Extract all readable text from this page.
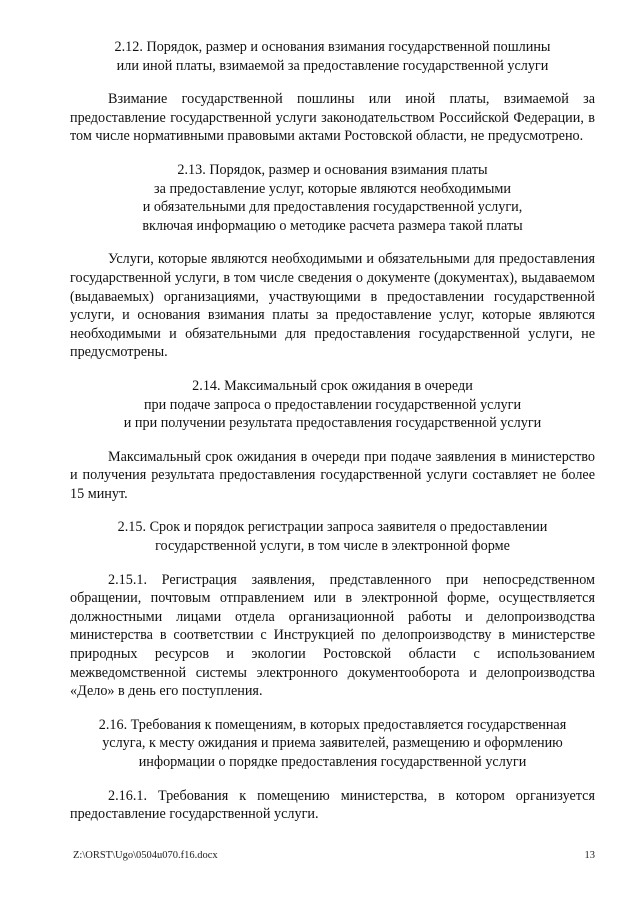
2.12. Порядок, размер и основания взимания государственной пошлины
или иной платы, взимаемой за предоставление государственной услуги

Взимание государственной пошлины или иной платы, взимаемой за предоставление государственной услуги законодательством Российской Федерации, в том числе нормативными правовыми актами Ростовской области, не предусмотрено.

2.13. Порядок, размер и основания взимания платы
за предоставление услуг, которые являются необходимыми
и обязательными для предоставления государственной услуги,
включая информацию о методике расчета размера такой платы

Услуги, которые являются необходимыми и обязательными для предоставления государственной услуги, в том числе сведения о документе (документах), выдаваемом (выдаваемых) организациями, участвующими в предоставлении государственной услуги, и основания взимания платы за предоставление услуг, которые являются необходимыми и обязательными для предоставления государственной услуги, не предусмотрены.

2.14. Максимальный срок ожидания в очереди
при подаче запроса о предоставлении государственной услуги
и при получении результата предоставления государственной услуги

Максимальный срок ожидания в очереди при подаче заявления в министерство и получения результата предоставления государственной услуги составляет не более 15 минут.

2.15. Срок и порядок регистрации запроса заявителя о предоставлении
государственной услуги, в том числе в электронной форме

2.15.1. Регистрация заявления, представленного при непосредственном обращении, почтовым отправлением или в электронной форме, осуществляется должностными лицами отдела организационной работы и делопроизводства министерства в соответствии с Инструкцией по делопроизводству в министерстве природных ресурсов и экологии Ростовской области с использованием межведомственной системы электронного документооборота и делопроизводства «Дело» в день его поступления.

2.16. Требования к помещениям, в которых предоставляется государственная
услуга, к месту ожидания и приема заявителей, размещению и оформлению
информации о порядке предоставления государственной услуги

2.16.1. Требования к помещению министерства, в котором организуется предоставление государственной услуги.

Z:\ORST\Ugo\0504u070.f16.docx	13
